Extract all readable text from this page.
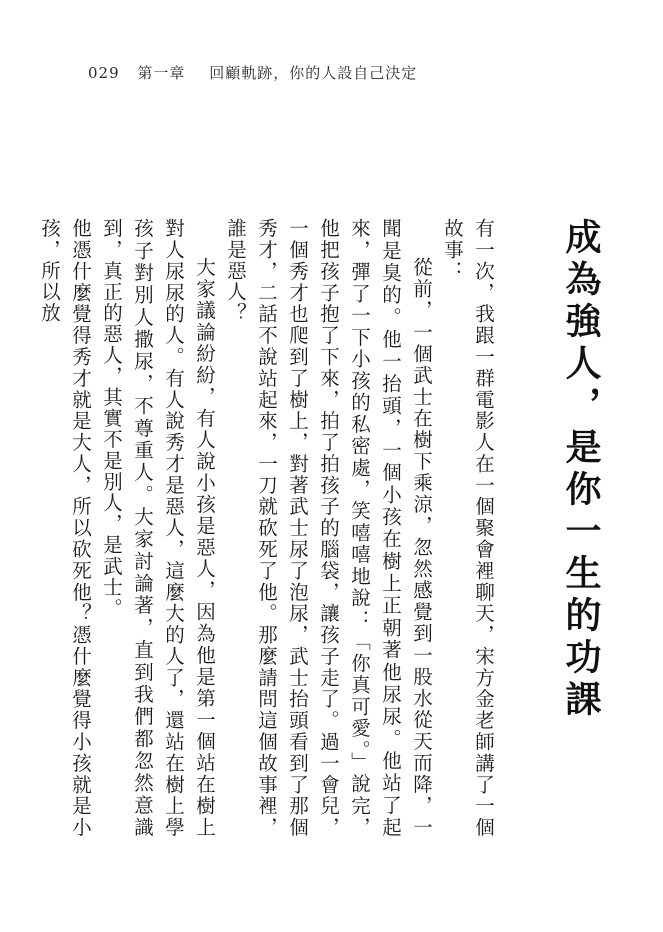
029 第一章 回顧軌跡，你的人設自己決定
成為強人，是你一生的功課

有一次，我跟一群電影人在一個聚會裡聊天，宋方金老師講了一個故事：

從前，一個武士在樹下乘涼，忽然感覺到一股水從天而降，一聞是臭的。他一抬頭，一個小孩在樹上正朝著他尿尿。他站了起來，彈了一下小孩的私密處，笑嘻嘻地說：「你真可愛。」說完，他把孩子抱了下來，拍了拍孩子的腦袋，讓孩子走了。過一會兒，一個秀才也爬到了樹上，對著武士尿了泡尿，武士抬頭看到了那個秀才，二話不說站起來，一刀就砍死了他。那麼請問這個故事裡，誰是惡人？

大家議論紛紛，有人說小孩是惡人，因為他是第一個站在樹上對人尿尿的人。有人說秀才是惡人，這麼大的人了，還站在樹上學孩子對別人撒尿，不尊重人。大家討論著，直到我們都忽然意識到，真正的惡人，其實不是別人，是武士。

他憑什麼覺得秀才就是大人，所以砍死他？憑什麼覺得小孩就是小孩，所以放
